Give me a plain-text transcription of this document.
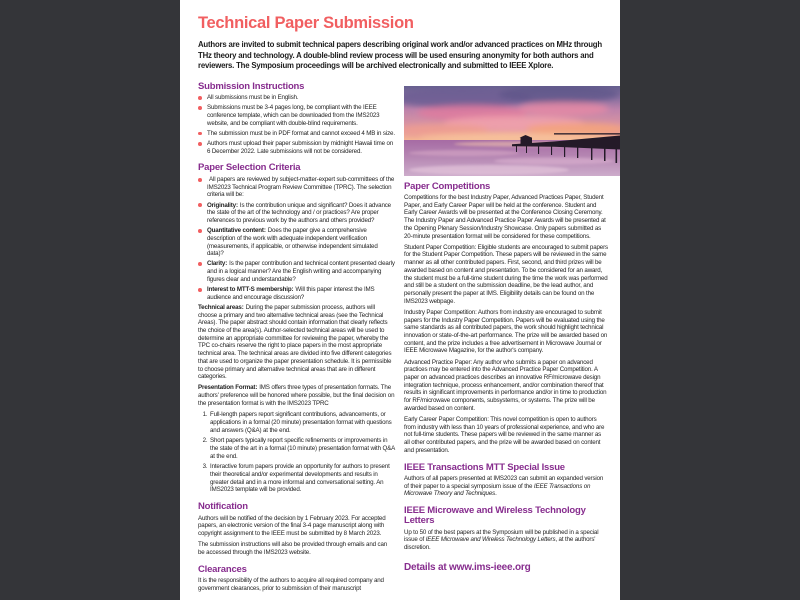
Technical Paper Submission

Authors are invited to submit technical papers describing original work and/or advanced practices on MHz through THz theory and technology. A double-blind review process will be used ensuring anonymity for both authors and reviewers. The Symposium proceedings will be archived electronically and submitted to IEEE Xplore.

Submission Instructions
All submissions must be in English.
Submissions must be 3-4 pages long, be compliant with the IEEE conference template, which can be downloaded from the IMS2023 website, and be compliant with double-blind requirements.
The submission must be in PDF format and cannot exceed 4 MB in size.
Authors must upload their paper submission by midnight Hawaii time on 6 December 2022. Late submissions will not be considered.
Paper Selection Criteria
All papers are reviewed by subject-matter-expert sub-committees of the IMS2023 Technical Program Review Committee (TPRC). The selection criteria will be:
Originality: Is the contribution unique and significant? Does it advance the state of the art of the technology and / or practices? Are proper references to previous work by the authors and others provided?
Quantitative content: Does the paper give a comprehensive description of the work with adequate independent verification (measurements, if applicable, or otherwise independent simulated data)?
Clarity: Is the paper contribution and technical content presented clearly and in a logical manner? Are the English writing and accompanying figures clear and understandable?
Interest to MTT-S membership: Will this paper interest the IMS audience and encourage discussion?

Technical areas: During the paper submission process, authors will choose a primary and two alternative technical areas (see the Technical Areas). The paper abstract should contain information that clearly reflects the choice of the area(s). Author-selected technical areas will be used to determine an appropriate committee for reviewing the paper, whereby the TPC co-chairs reserve the right to place papers in the most appropriate technical area. The technical areas are divided into five different categories that are used to organize the paper presentation schedule. It is permissible to choose primary and alternative technical areas that are in different categories.

Presentation Format: IMS offers three types of presentation formats. The authors' preference will be honored where possible, but the final decision on the presentation format is with the IMS2023 TPRC

1. Full-length papers report significant contributions, advancements, or applications in a formal (20 minute) presentation format with questions and answers (Q&A) at the end.
2. Short papers typically report specific refinements or improvements in the state of the art in a formal (10 minute) presentation format with Q&A at the end.
3. Interactive forum papers provide an opportunity for authors to present their theoretical and/or experimental developments and results in greater detail and in a more informal and conversational setting. An IMS2023 template will be provided.
Notification

Authors will be notified of the decision by 1 February 2023. For accepted papers, an electronic version of the final 3-4 page manuscript along with copyright assignment to the IEEE must be submitted by 8 March 2023.

The submission instructions will also be provided through emails and can be accessed through the IMS2023 website.

Clearances

It is the responsibility of the authors to acquire all required company and government clearances, prior to submission of their manuscript

Paper Competitions

Competitions for the best Industry Paper, Advanced Practices Paper, Student Paper, and Early Career Paper will be held at the conference. Student and Early Career Awards will be presented at the Conference Closing Ceremony. The Industry Paper and Advanced Practice Paper Awards will be presented at the Opening Plenary Session/Industry Showcase. Only papers submitted as 20-minute presentation format will be considered for these competitions.

Student Paper Competition: Eligible students are encouraged to submit papers for the Student Paper Competition. These papers will be reviewed in the same manner as all other contributed papers. First, second, and third prizes will be awarded based on content and presentation. To be considered for an award, the student must be a full-time student during the time the work was performed and still be a student on the submission deadline, be the lead author, and personally present the paper at IMS. Eligibility details can be found on the IMS2023 webpage.

Industry Paper Competition: Authors from industry are encouraged to submit papers for the Industry Paper Competition. Papers will be evaluated using the same standards as all contributed papers, the work should highlight technical innovation or state-of-the-art performance. The prize will be awarded based on content, and the prize includes a free advertisement in Microwave Journal or IEEE Microwave Magazine, for the author's company.

Advanced Practice Paper: Any author who submits a paper on advanced practices may be entered into the Advanced Practice Paper Competition. A paper on advanced practices describes an innovative RF/microwave design integration technique, process enhancement, and/or combination thereof that results in significant improvements in performance and/or in time to production for RF/microwave components, subsystems, or systems. The prize will be awarded based on content.

Early Career Paper Competition: This novel competition is open to authors from industry with less than 10 years of professional experience, and who are not full-time students. These papers will be reviewed in the same manner as all other contributed papers, and the prize will be awarded based on content and presentation.

IEEE Transactions MTT Special Issue

Authors of all papers presented at IMS2023 can submit an expanded version of their paper to a special symposium issue of the IEEE Transactions on Microwave Theory and Techniques.

IEEE Microwave and Wireless Technology Letters

Up to 50 of the best papers at the Symposium will be published in a special issue of IEEE Microwave and Wireless Technology Letters, at the authors' discretion.

Details at www.ims-ieee.org
